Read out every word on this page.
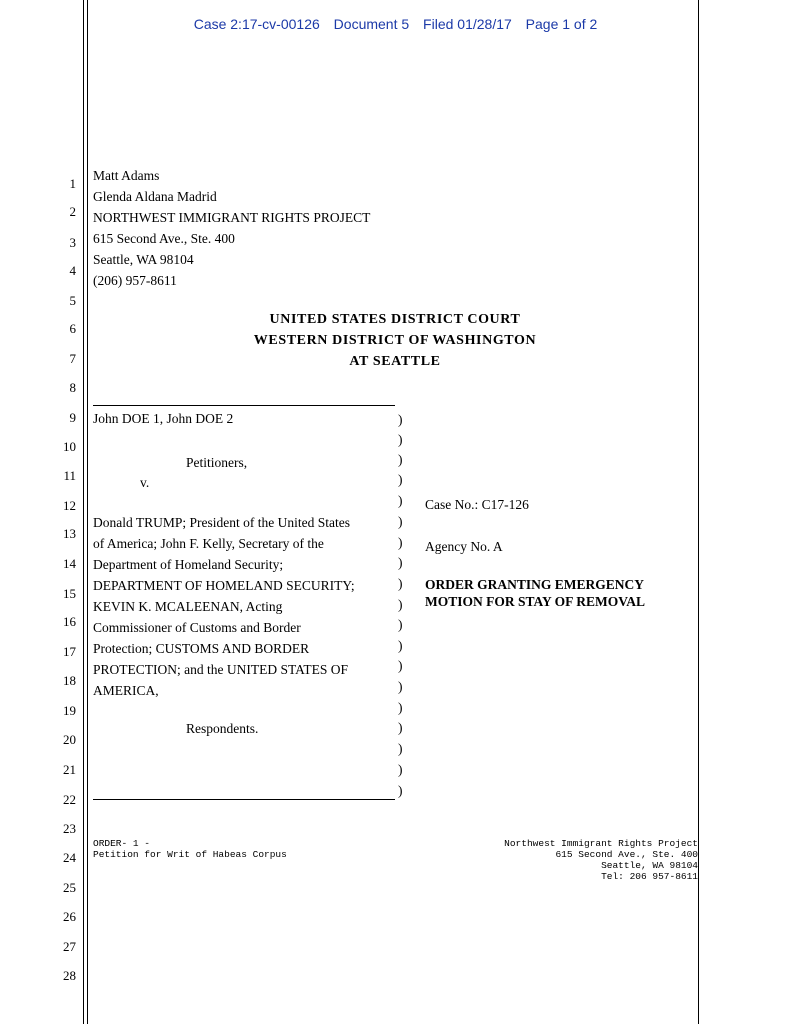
Case 2:17-cv-00126 Document 5 Filed 01/28/17 Page 1 of 2
1
2
3
4
5
6
7
8
9
10
11
12
13
14
15
16
17
18
19
20
21
22
23
24
25
26
27
28
Matt Adams
Glenda Aldana Madrid
NORTHWEST IMMIGRANT RIGHTS PROJECT
615 Second Ave., Ste. 400
Seattle, WA 98104
(206) 957-8611
UNITED STATES DISTRICT COURT
WESTERN DISTRICT OF WASHINGTON
AT SEATTLE
John DOE 1, John DOE 2
Petitioners,
v.
Donald TRUMP; President of the United States
of America; John F. Kelly, Secretary of the
Department of Homeland Security;
DEPARTMENT OF HOMELAND SECURITY;
KEVIN K. MCALEENAN, Acting
Commissioner of Customs and Border
Protection; CUSTOMS AND BORDER
PROTECTION; and the UNITED STATES OF
AMERICA,
Respondents.
)
)
)
)
)
)
)
)
)
)
)
)
)
)
)
)
)
)
)
Case No.: C17-126
Agency No. A
ORDER GRANTING EMERGENCY
MOTION FOR STAY OF REMOVAL
ORDER- 1 -
Petition for Writ of Habeas Corpus
Northwest Immigrant Rights Project
615 Second Ave., Ste. 400
Seattle, WA 98104
Tel: 206 957-8611
